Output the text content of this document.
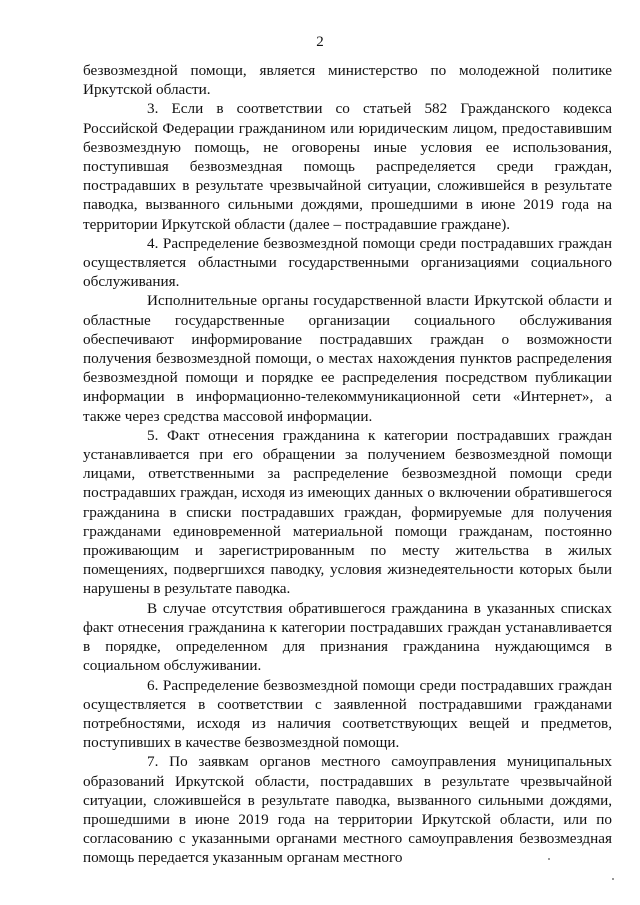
2

безвозмездной помощи, является министерство по молодежной политике Иркутской области.

3. Если в соответствии со статьей 582 Гражданского кодекса Российской Федерации гражданином или юридическим лицом, предоставившим безвозмездную помощь, не оговорены иные условия ее использования, поступившая безвозмездная помощь распределяется среди граждан, пострадавших в результате чрезвычайной ситуации, сложившейся в результате паводка, вызванного сильными дождями, прошедшими в июне 2019 года на территории Иркутской области (далее – пострадавшие граждане).

4. Распределение безвозмездной помощи среди пострадавших граждан осуществляется областными государственными организациями социального обслуживания.

Исполнительные органы государственной власти Иркутской области и областные государственные организации социального обслуживания обеспечивают информирование пострадавших граждан о возможности получения безвозмездной помощи, о местах нахождения пунктов распределения безвозмездной помощи и порядке ее распределения посредством публикации информации в информационно-телекоммуникационной сети «Интернет», а также через средства массовой информации.

5. Факт отнесения гражданина к категории пострадавших граждан устанавливается при его обращении за получением безвозмездной помощи лицами, ответственными за распределение безвозмездной помощи среди пострадавших граждан, исходя из имеющих данных о включении обратившегося гражданина в списки пострадавших граждан, формируемые для получения гражданами единовременной материальной помощи гражданам, постоянно проживающим и зарегистрированным по месту жительства в жилых помещениях, подвергшихся паводку, условия жизнедеятельности которых были нарушены в результате паводка.

В случае отсутствия обратившегося гражданина в указанных списках факт отнесения гражданина к категории пострадавших граждан устанавливается в порядке, определенном для признания гражданина нуждающимся в социальном обслуживании.

6. Распределение безвозмездной помощи среди пострадавших граждан осуществляется в соответствии с заявленной пострадавшими гражданами потребностями, исходя из наличия соответствующих вещей и предметов, поступивших в качестве безвозмездной помощи.

7. По заявкам органов местного самоуправления муниципальных образований Иркутской области, пострадавших в результате чрезвычайной ситуации, сложившейся в результате паводка, вызванного сильными дождями, прошедшими в июне 2019 года на территории Иркутской области, или по согласованию с указанными органами местного самоуправления безвозмездная помощь передается указанным органам местного
